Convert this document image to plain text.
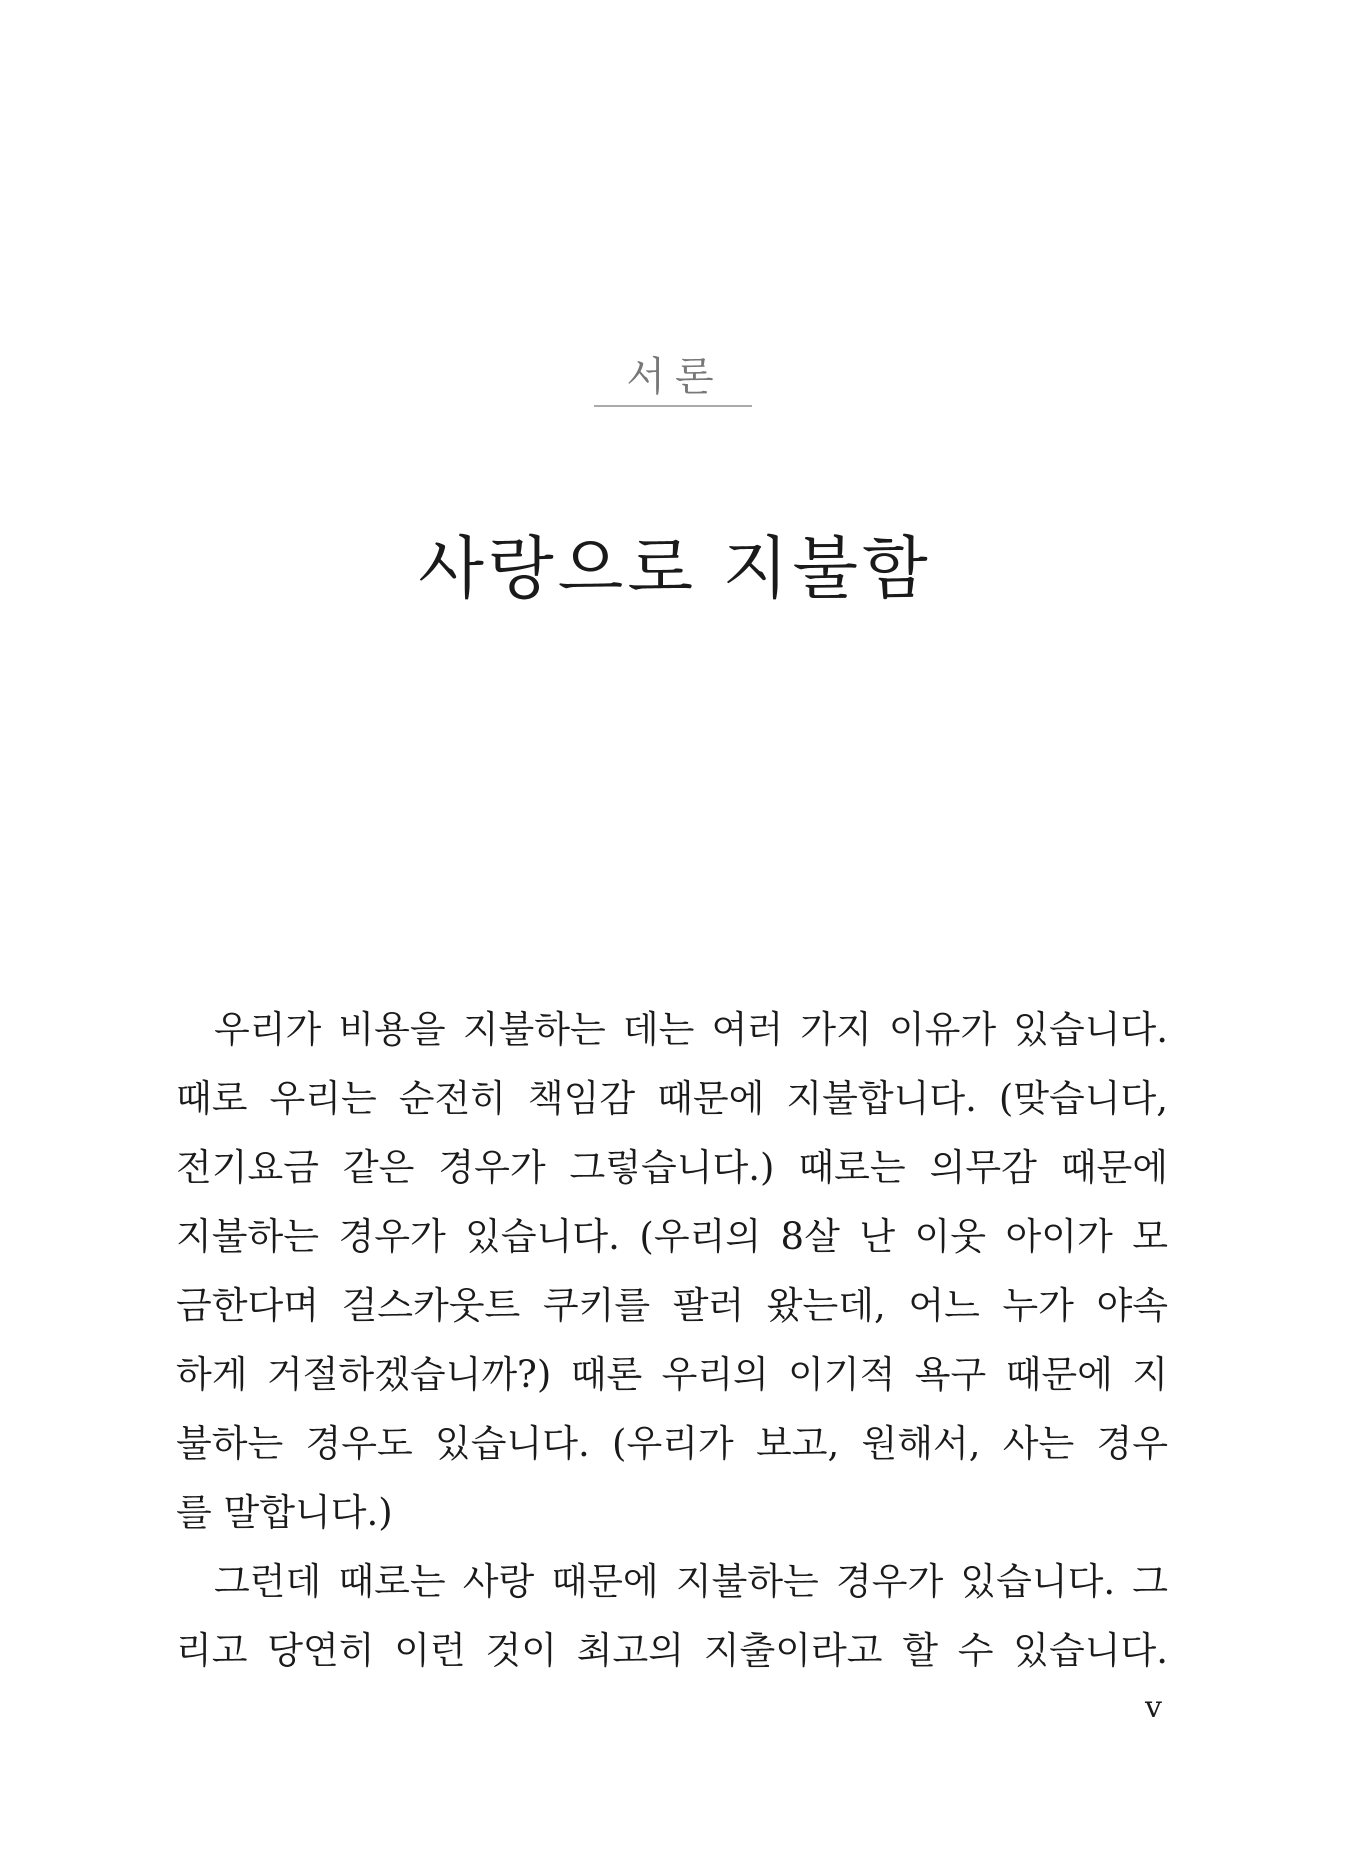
서론
사랑으로 지불함
우리가 비용을 지불하는 데는 여러 가지 이유가 있습니다.
때로 우리는 순전히 책임감 때문에 지불합니다. (맞습니다,
전기요금 같은 경우가 그렇습니다.) 때로는 의무감 때문에
지불하는 경우가 있습니다. (우리의 8살 난 이웃 아이가 모
금한다며 걸스카웃트 쿠키를 팔러 왔는데, 어느 누가 야속
하게 거절하겠습니까?) 때론 우리의 이기적 욕구 때문에 지
불하는 경우도 있습니다. (우리가 보고, 원해서, 사는 경우
를 말합니다.)
그런데 때로는 사랑 때문에 지불하는 경우가 있습니다. 그
리고 당연히 이런 것이 최고의 지출이라고 할 수 있습니다.
v
